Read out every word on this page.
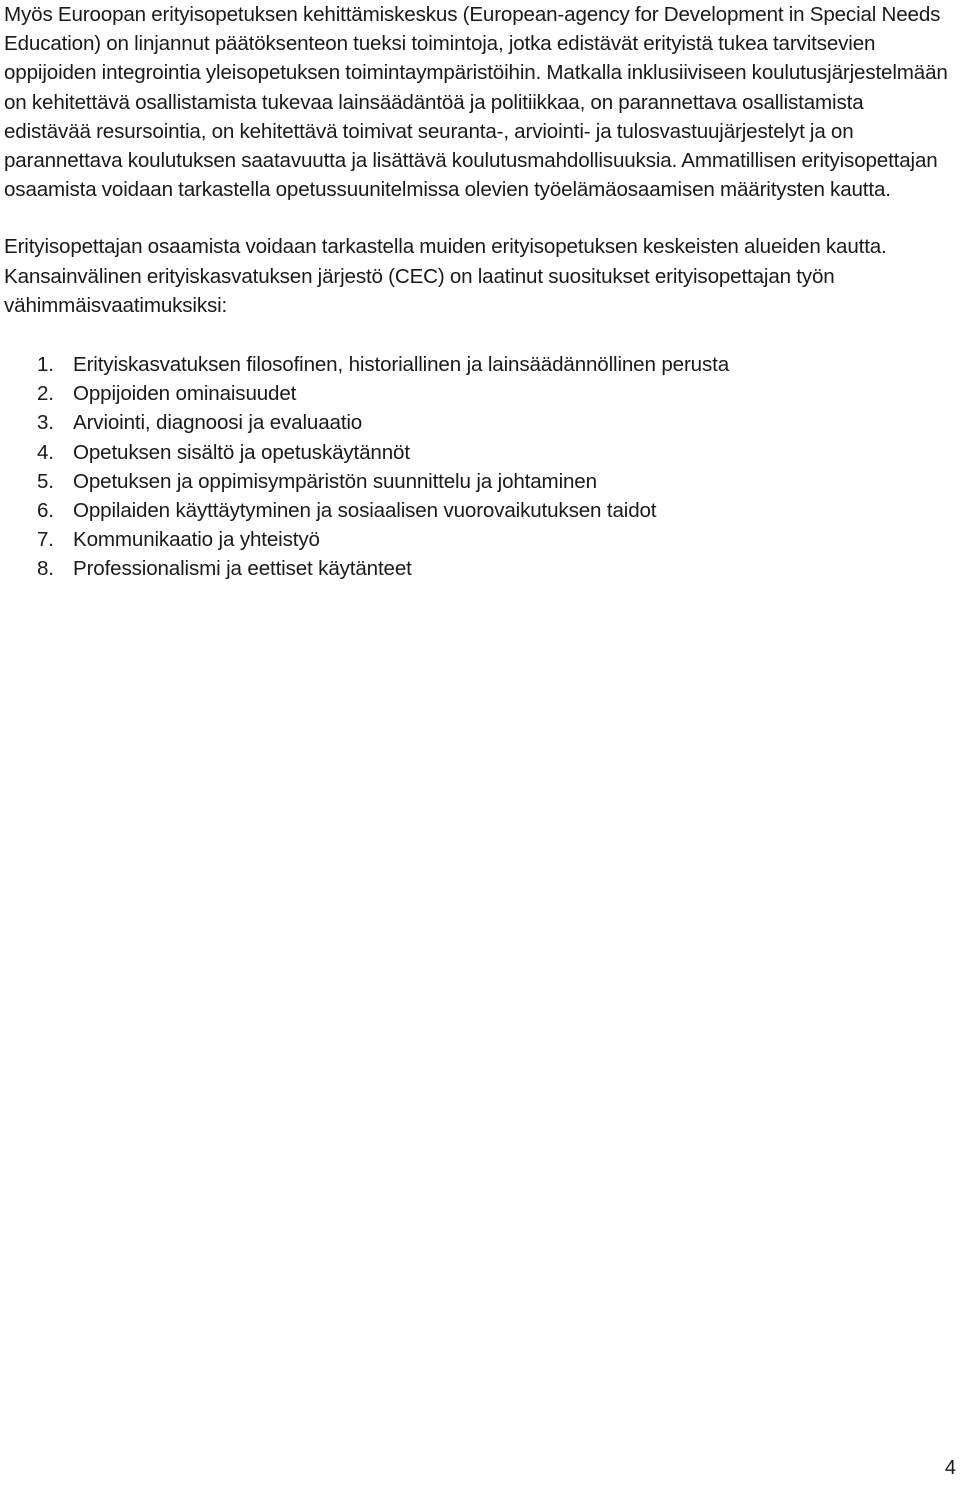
Myös Euroopan erityisopetuksen kehittämiskeskus (European-agency for Development in Special Needs Education) on linjannut päätöksenteon tueksi toimintoja, jotka edistävät erityistä tukea tarvitsevien oppijoiden integrointia yleisopetuksen toimintaympäristöihin. Matkalla inklusiiviseen koulutusjärjestelmään on kehitettävä osallistamista tukevaa lainsäädäntöä ja politiikkaa, on parannettava osallistamista edistävää resursointia, on kehitettävä toimivat seuranta-, arviointi- ja tulosvastuujärjestelyt ja on parannettava koulutuksen saatavuutta ja lisättävä koulutusmahdollisuuksia. Ammatillisen erityisopettajan osaamista voidaan tarkastella opetussuunitelmissa olevien työelämäosaamisen määritysten kautta.

Erityisopettajan osaamista voidaan tarkastella muiden erityisopetuksen keskeisten alueiden kautta. Kansainvälinen erityiskasvatuksen järjestö (CEC) on laatinut suositukset erityisopettajan työn vähimmäisvaatimuksiksi:

1. Erityiskasvatuksen filosofinen, historiallinen ja lainsäädännöllinen perusta
2. Oppijoiden ominaisuudet
3. Arviointi, diagnoosi ja evaluaatio
4. Opetuksen sisältö ja opetuskäytännöt
5. Opetuksen ja oppimisympäristön suunnittelu ja johtaminen
6. Oppilaiden käyttäytyminen ja sosiaalisen vuorovaikutuksen taidot
7. Kommunikaatio ja yhteistyö
8. Professionalismi ja eettiset käytänteet
4
